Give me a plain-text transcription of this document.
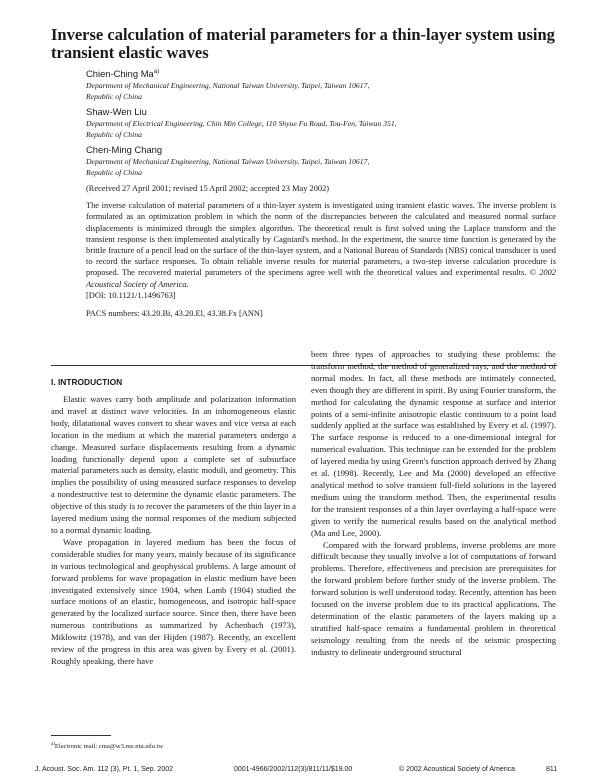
Inverse calculation of material parameters for a thin-layer system using transient elastic waves
Chien-Ching Ma$^{a)}$
Department of Mechanical Engineering, National Taiwan University, Taipei, Taiwan 10617,
Republic of China
Shaw-Wen Liu
Department of Electrical Engineering, Chin Min College, 110 Shyue Fu Road, Tou-Fen, Taiwan 351,
Republic of China
Chen-Ming Chang
Department of Mechanical Engineering, National Taiwan University, Taipei, Taiwan 10617,
Republic of China
(Received 27 April 2001; revised 15 April 2002; accepted 23 May 2002)

The inverse calculation of material parameters of a thin-layer system is investigated using transient elastic waves. The inverse problem is formulated as an optimization problem in which the norm of the discrepancies between the calculated and measured normal surface displacements is minimized through the simplex algorithm. The theoretical result is first solved using the Laplace transform and the transient response is then implemented analytically by Cagniard's method. In the experiment, the source time function is generated by the brittle fracture of a pencil lead on the surface of the thin-layer system, and a National Bureau of Standards (NBS) conical transducer is used to record the surface responses. To obtain reliable inverse results for material parameters, a two-step inverse calculation procedure is proposed. The recovered material parameters of the specimens agree well with the theoretical values and experimental results. © 2002 Acoustical Society of America.

[DOI: 10.1121/1.1496763]
PACS numbers: 43.20.Bi, 43.20.El, 43.38.Fx [ANN]
I. INTRODUCTION

Elastic waves carry both amplitude and polarization information and travel at distinct wave velocities. In an inhomogeneous elastic body, dilatational waves convert to shear waves and vice versa at each location in the medium at which the material parameters undergo a change. Measured surface displacements resulting from a dynamic loading functionally depend upon a complete set of subsurface material parameters such as density, elastic moduli, and geometry. This implies the possibility of using measured surface responses to develop a nondestructive test to determine the dynamic elastic parameters. The objective of this study is to recover the parameters of the thin layer in a layered medium using the normal responses of the medium subjected to a normal dynamic loading.

Wave propagation in layered medium has been the focus of considerable studies for many years, mainly because of its significance in various technological and geophysical problems. A large amount of forward problems for wave propagation in elastic medium have been investigated extensively since 1904, when Lamb (1904) studied the surface motions of an elastic, homogeneous, and isotropic half-space generated by the localized surface source. Since then, there have been numerous contributions as summarized by Achenbach (1973), Miklowitz (1978), and van der Hijden (1987). Recently, an excellent review of the progress in this area was given by Every et al. (2001). Roughly speaking, there have

been three types of approaches to studying these problems: the transform method, the method of generalized rays, and the method of normal modes. In fact, all these methods are intimately connected, even though they are different in spirit. By using Fourier transform, the method for calculating the dynamic response at surface and interior points of a semi-infinite anisotropic elastic continuum to a point load suddenly applied at the surface was established by Every et al. (1997). The surface response is reduced to a one-dimensional integral for numerical evaluation. This technique can be extended for the problem of layered media by using Green's function approach derived by Zhang et al. (1998). Recently, Lee and Ma (2000) developed an effective analytical method to solve transient full-field solutions in the layered medium using the transform method. Then, the experimental results for the transient responses of a thin layer overlaying a half-space were given to verify the numerical results based on the analytical method (Ma and Lee, 2000).

Compared with the forward problems, inverse problems are more difficult because they usually involve a lot of computations of forward problems. Therefore, effectiveness and precision are prerequisites for the forward problem before further study of the inverse problem. The forward solution is well understood today. Recently, attention has been focused on the inverse problem due to its practical applications. The determination of the elastic parameters of the layers making up a stratified half-space remains a fundamental problem in theoretical seismology resulting from the needs of the seismic prospecting industry to delineate underground structural

$^{a)}$Electronic mail: cma@w3.me.ntu.edu.tw
J. Acoust. Soc. Am. 112 (3), Pt. 1, Sep. 2002	0001-4966/2002/112(3)/811/11/$19.00	© 2002 Acoustical Society of America	811
